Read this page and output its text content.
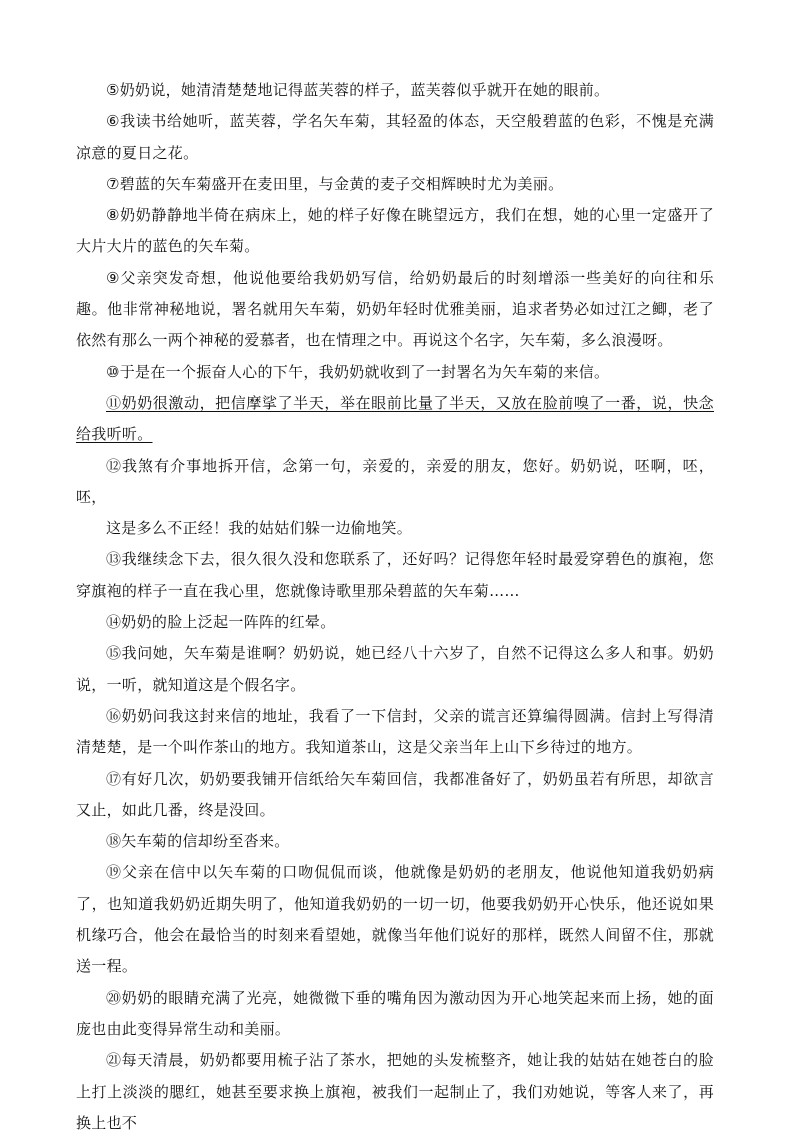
⑤奶奶说，她清清楚楚地记得蓝芙蓉的样子，蓝芙蓉似乎就开在她的眼前。

⑥我读书给她听，蓝芙蓉，学名矢车菊，其轻盈的体态，天空般碧蓝的色彩，不愧是充满凉意的夏日之花。

⑦碧蓝的矢车菊盛开在麦田里，与金黄的麦子交相辉映时尤为美丽。

⑧奶奶静静地半倚在病床上，她的样子好像在眺望远方，我们在想，她的心里一定盛开了大片大片的蓝色的矢车菊。

⑨父亲突发奇想，他说他要给我奶奶写信，给奶奶最后的时刻增添一些美好的向往和乐趣。他非常神秘地说，署名就用矢车菊，奶奶年轻时优雅美丽，追求者势必如过江之鲫，老了依然有那么一两个神秘的爱慕者，也在情理之中。再说这个名字，矢车菊，多么浪漫呀。

⑩于是在一个振奋人心的下午，我奶奶就收到了一封署名为矢车菊的来信。

⑪奶奶很激动，把信摩挲了半天，举在眼前比量了半天，又放在脸前嗅了一番，说，快念给我听听。

⑫我煞有介事地拆开信，念第一句，亲爱的，亲爱的朋友，您好。奶奶说，呸啊，呸，呸，
这是多么不正经！我的姑姑们躲一边偷地笑。

⑬我继续念下去，很久很久没和您联系了，还好吗？记得您年轻时最爱穿碧色的旗袍，您穿旗袍的样子一直在我心里，您就像诗歌里那朵碧蓝的矢车菊……

⑭奶奶的脸上泛起一阵阵的红晕。

⑮我问她，矢车菊是谁啊？奶奶说，她已经八十六岁了，自然不记得这么多人和事。奶奶说，一听，就知道这是个假名字。

⑯奶奶问我这封来信的地址，我看了一下信封，父亲的谎言还算编得圆满。信封上写得清清楚楚，是一个叫作茶山的地方。我知道茶山，这是父亲当年上山下乡待过的地方。

⑰有好几次，奶奶要我铺开信纸给矢车菊回信，我都准备好了，奶奶虽若有所思，却欲言又止，如此几番，终是没回。

⑱矢车菊的信却纷至沓来。

⑲父亲在信中以矢车菊的口吻侃侃而谈，他就像是奶奶的老朋友，他说他知道我奶奶病了，也知道我奶奶近期失明了，他知道我奶奶的一切一切，他要我奶奶开心快乐，他还说如果机缘巧合，他会在最恰当的时刻来看望她，就像当年他们说好的那样，既然人间留不住，那就送一程。

⑳奶奶的眼睛充满了光亮，她微微下垂的嘴角因为激动因为开心地笑起来而上扬，她的面庞也由此变得异常生动和美丽。

㉑每天清晨，奶奶都要用梳子沾了茶水，把她的头发梳整齐，她让我的姑姑在她苍白的脸上打上淡淡的腮红，她甚至要求换上旗袍，被我们一起制止了，我们劝她说，等客人来了，再换上也不
